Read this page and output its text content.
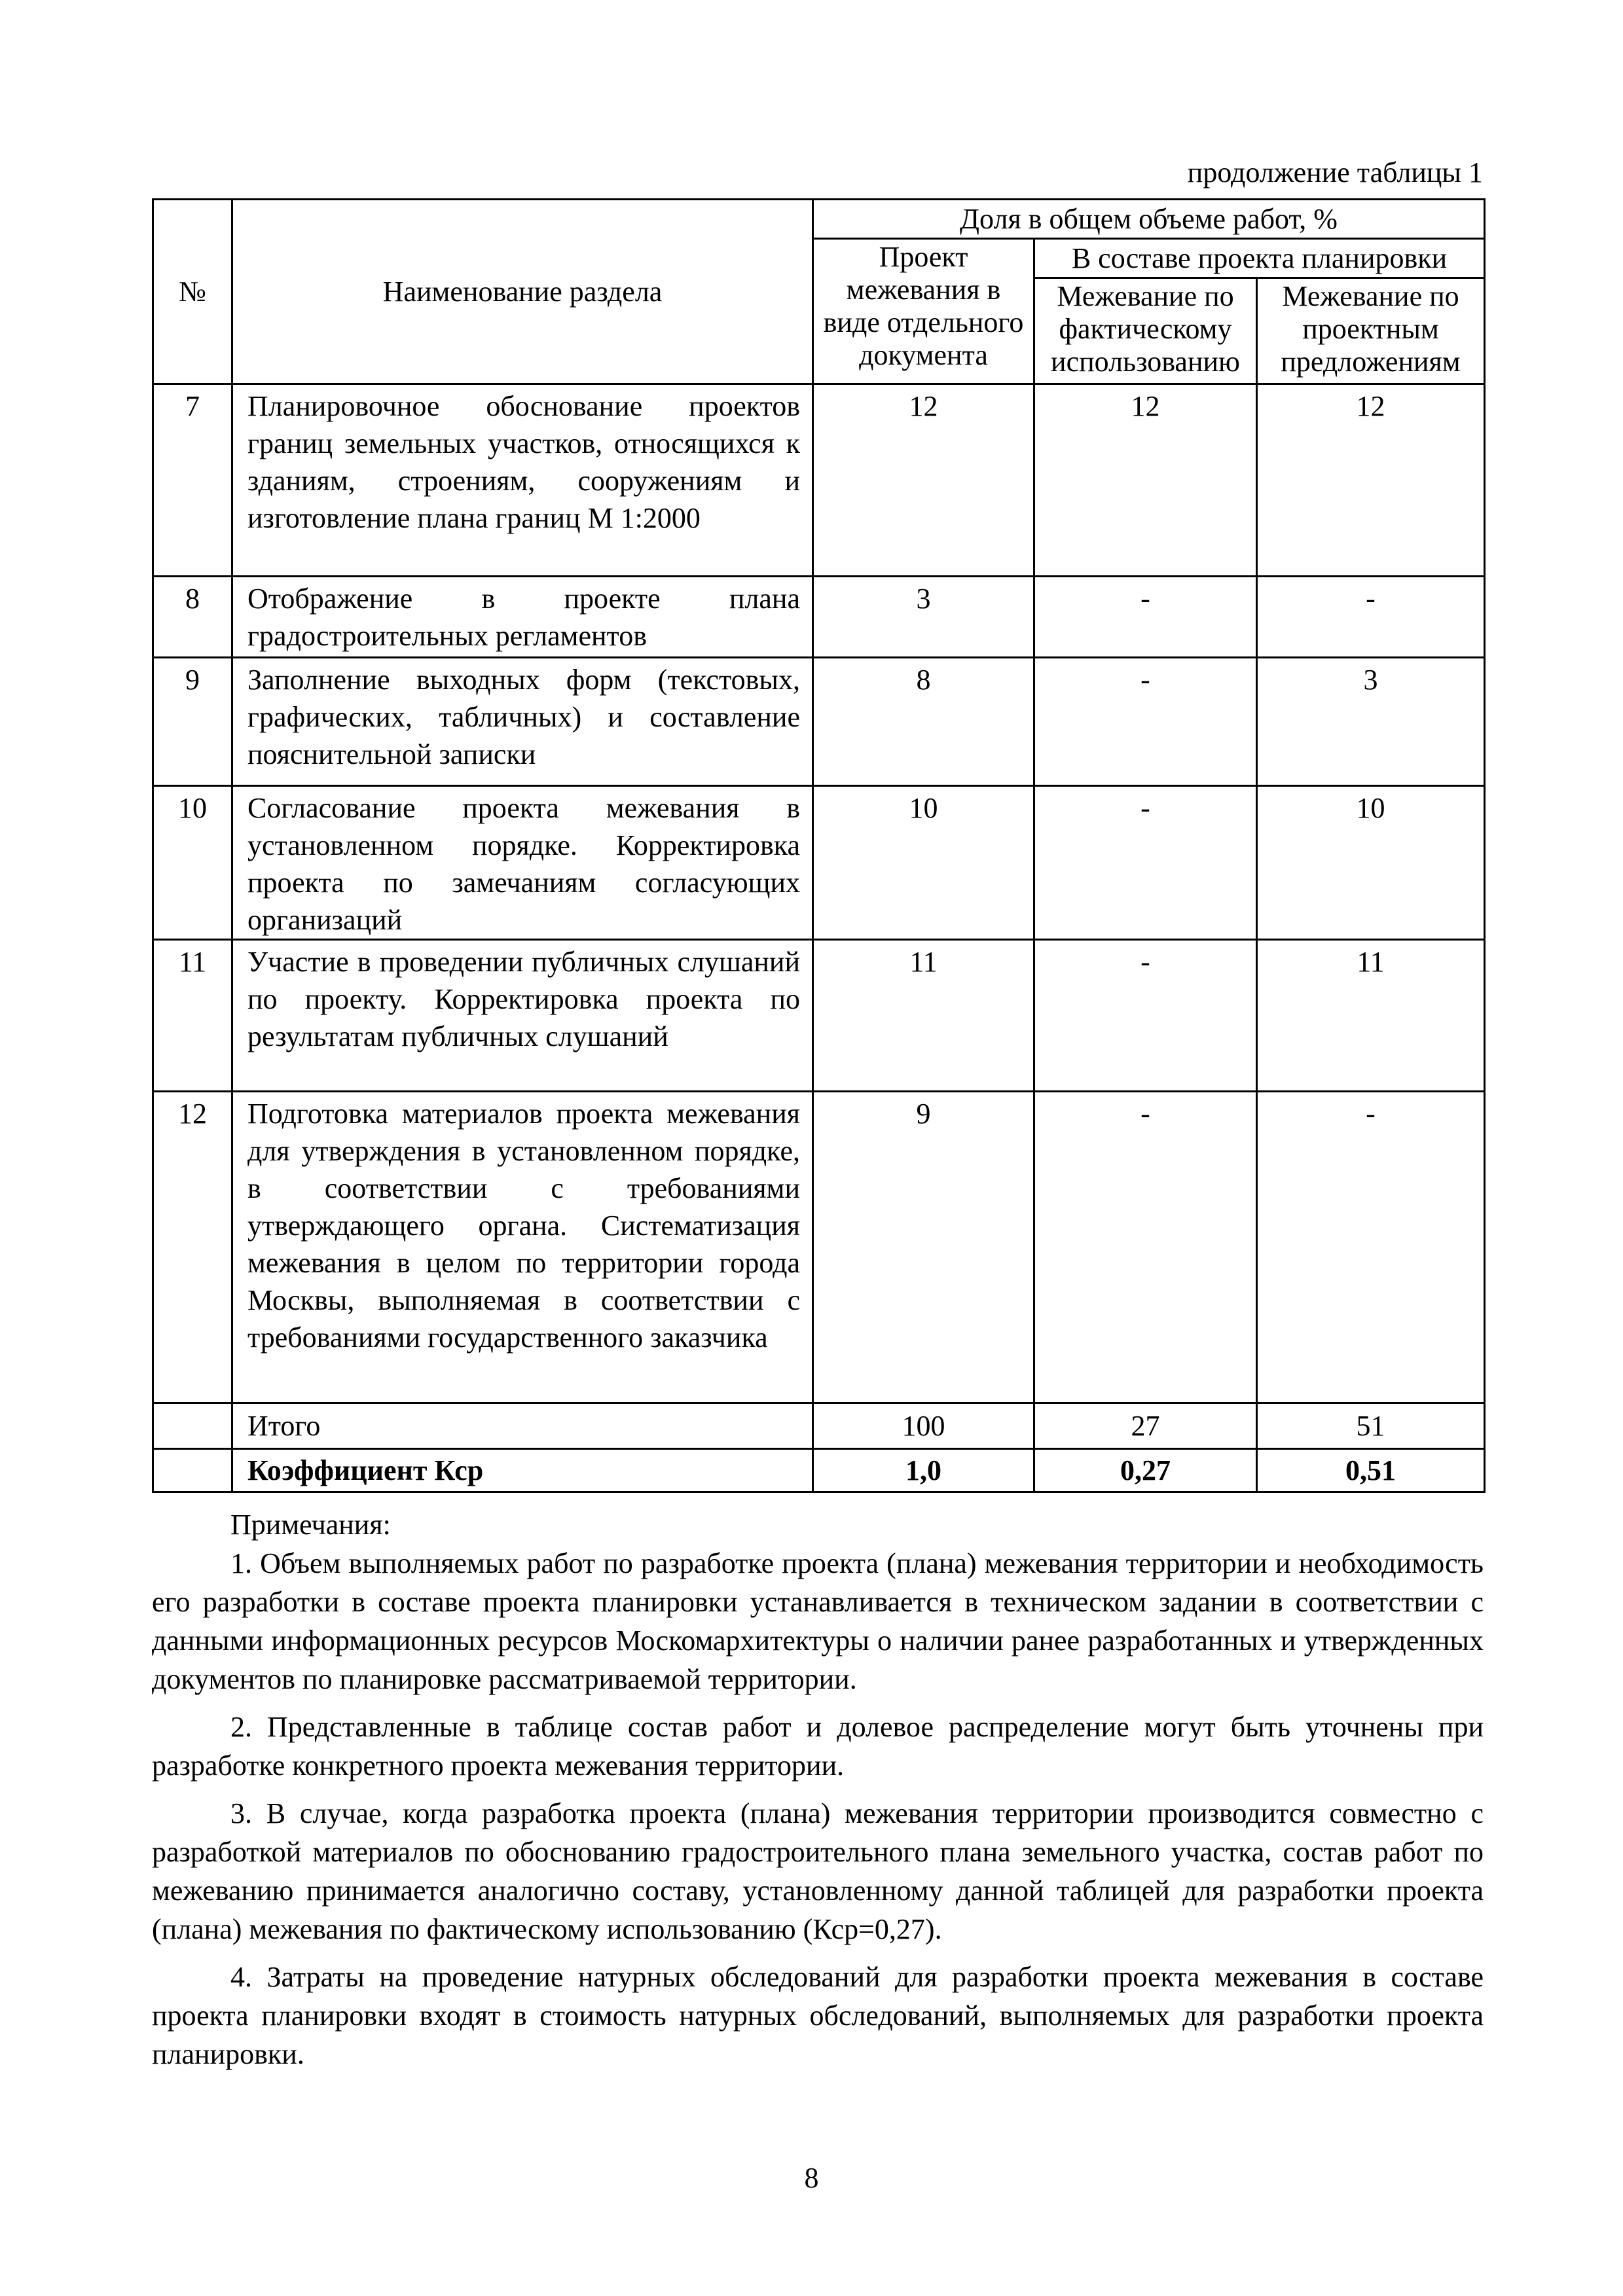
продолжение таблицы 1
№	Наименование раздела	Доля в общем объеме работ, %		
		Проект межевания в виде отдельного документа	В составе проекта планировки	
			Межевание по фактическому использованию	Межевание по проектным предложениям
7	Планировочное обоснование проектов границ земельных участков, относящихся к зданиям, строениям, сооружениям и изготовление плана границ М 1:2000	12	12	12
8	Отображение в проекте плана градостроительных регламентов	3	-	-
9	Заполнение выходных форм (текстовых, графических, табличных) и составление пояснительной записки	8	-	3
10	Согласование проекта межевания в установленном порядке. Корректировка проекта по замечаниям согласующих организаций	10	-	10
11	Участие в проведении публичных слушаний по проекту. Корректировка проекта по результатам публичных слушаний	11	-	11
12	Подготовка материалов проекта межевания для утверждения в установленном порядке, в соответствии с требованиями утверждающего органа. Систематизация межевания в целом по территории города Москвы, выполняемая в соответствии с требованиями государственного заказчика	9	-	-
	Итого	100	27	51
	Коэффициент Кср	1,0	0,27	0,51
Примечания:

1. Объем выполняемых работ по разработке проекта (плана) межевания территории и необходимость его разработки в составе проекта планировки устанавливается в техническом задании в соответствии с данными информационных ресурсов Москомархитектуры о наличии ранее разработанных и утвержденных документов по планировке рассматриваемой территории.

2. Представленные в таблице состав работ и долевое распределение могут быть уточнены при разработке конкретного проекта межевания территории.

3. В случае, когда разработка проекта (плана) межевания территории производится совместно с разработкой материалов по обоснованию градостроительного плана земельного участка, состав работ по межеванию принимается аналогично составу, установленному данной таблицей для разработки проекта (плана) межевания по фактическому использованию (Кср=0,27).

4. Затраты на проведение натурных обследований для разработки проекта межевания в составе проекта планировки входят в стоимость натурных обследований, выполняемых для разработки проекта планировки.

8
